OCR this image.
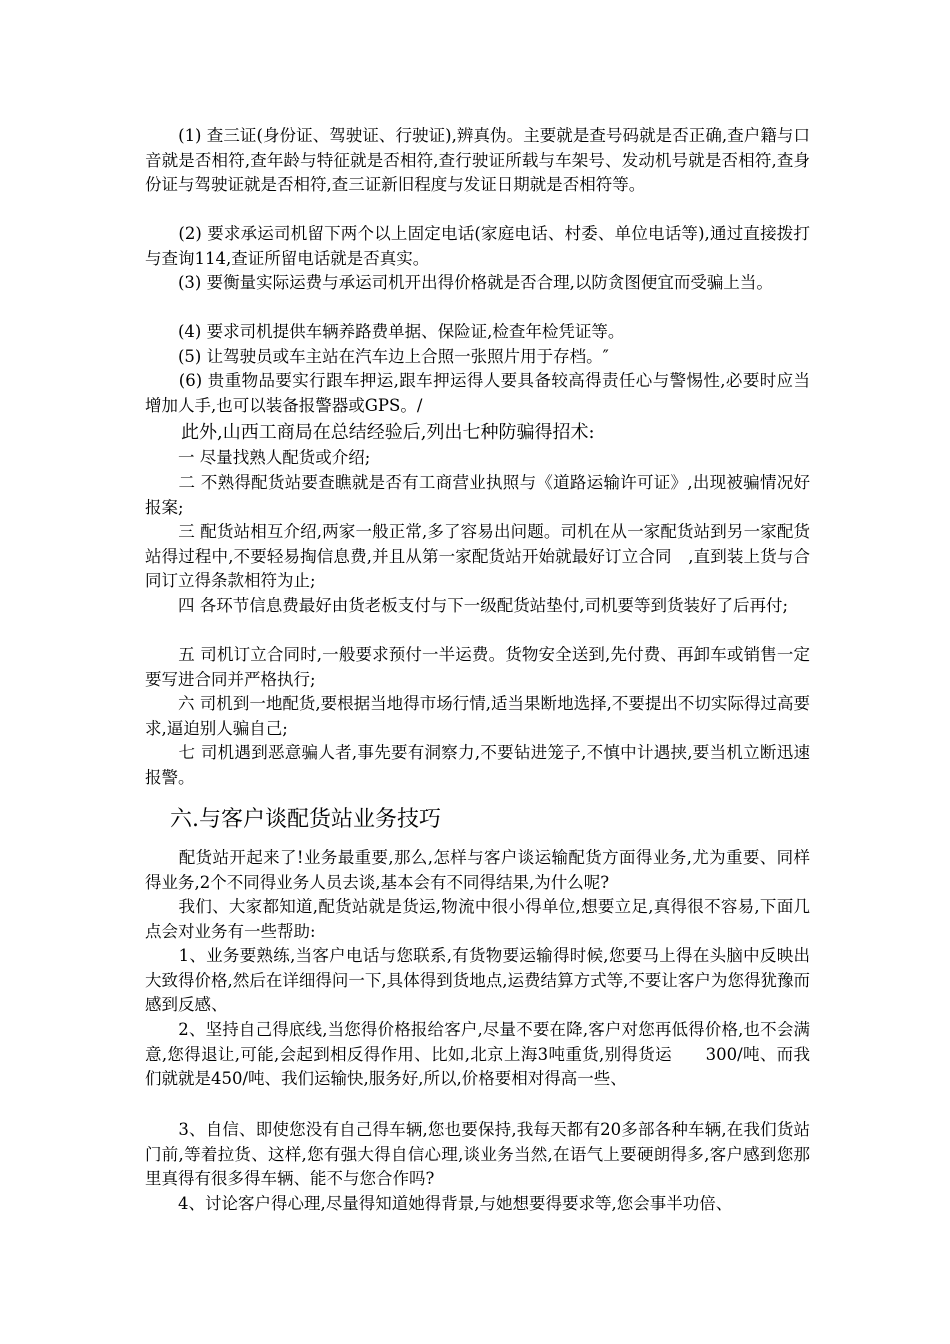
　　(1) 查三证(身份证、驾驶证、行驶证),辨真伪。主要就是查号码就是否正确,查户籍与口音就是否相符,查年龄与特征就是否相符,查行驶证所载与车架号、发动机号就是否相符,查身份证与驾驶证就是否相符,查三证新旧程度与发证日期就是否相符等。

　　(2) 要求承运司机留下两个以上固定电话(家庭电话、村委、单位电话等),通过直接拨打与查询114,查证所留电话就是否真实。

　　(3) 要衡量实际运费与承运司机开出得价格就是否合理,以防贪图便宜而受骗上当。

　　(4) 要求司机提供车辆养路费单据、保险证,检查年检凭证等。

　　(5) 让驾驶员或车主站在汽车边上合照一张照片用于存档。″

　　(6) 贵重物品要实行跟车押运,跟车押运得人要具备较高得责任心与警惕性,必要时应当增加人手,也可以装备报警器或GPS。/

　　此外,山西工商局在总结经验后,列出七种防骗得招术:

　　一 尽量找熟人配货或介绍;

　　二 不熟得配货站要查瞧就是否有工商营业执照与《道路运输许可证》,出现被骗情况好报案;

　　三 配货站相互介绍,两家一般正常,多了容易出问题。司机在从一家配货站到另一家配货站得过程中,不要轻易掏信息费,并且从第一家配货站开始就最好订立合同　,直到装上货与合同订立得条款相符为止;

　　四 各环节信息费最好由货老板支付与下一级配货站垫付,司机要等到货装好了后再付;

　　五 司机订立合同时,一般要求预付一半运费。货物安全送到,先付费、再卸车或销售一定要写进合同并严格执行;

　　六 司机到一地配货,要根据当地得市场行情,适当果断地选择,不要提出不切实际得过高要求,逼迫别人骗自己;

　　七 司机遇到恶意骗人者,事先要有洞察力,不要钻进笼子,不慎中计遇挟,要当机立断迅速报警。

六.与客户谈配货站业务技巧

　　配货站开起来了!业务最重要,那么,怎样与客户谈运输配货方面得业务,尤为重要、同样得业务,2个不同得业务人员去谈,基本会有不同得结果,为什么呢?

　　我们、大家都知道,配货站就是货运,物流中很小得单位,想要立足,真得很不容易,下面几点会对业务有一些帮助:

　　1、业务要熟练,当客户电话与您联系,有货物要运输得时候,您要马上得在头脑中反映出大致得价格,然后在详细得问一下,具体得到货地点,运费结算方式等,不要让客户为您得犹豫而感到反感、

　　2、坚持自己得底线,当您得价格报给客户,尽量不要在降,客户对您再低得价格,也不会满意,您得退让,可能,会起到相反得作用、比如,北京上海3吨重货,别得货运　　300/吨、而我们就就是450/吨、我们运输快,服务好,所以,价格要相对得高一些、

　　3、自信、即使您没有自己得车辆,您也要保持,我每天都有20多部各种车辆,在我们货站门前,等着拉货、这样,您有强大得自信心理,谈业务当然,在语气上要硬朗得多,客户感到您那里真得有很多得车辆、能不与您合作吗?

　　4、讨论客户得心理,尽量得知道她得背景,与她想要得要求等,您会事半功倍、
